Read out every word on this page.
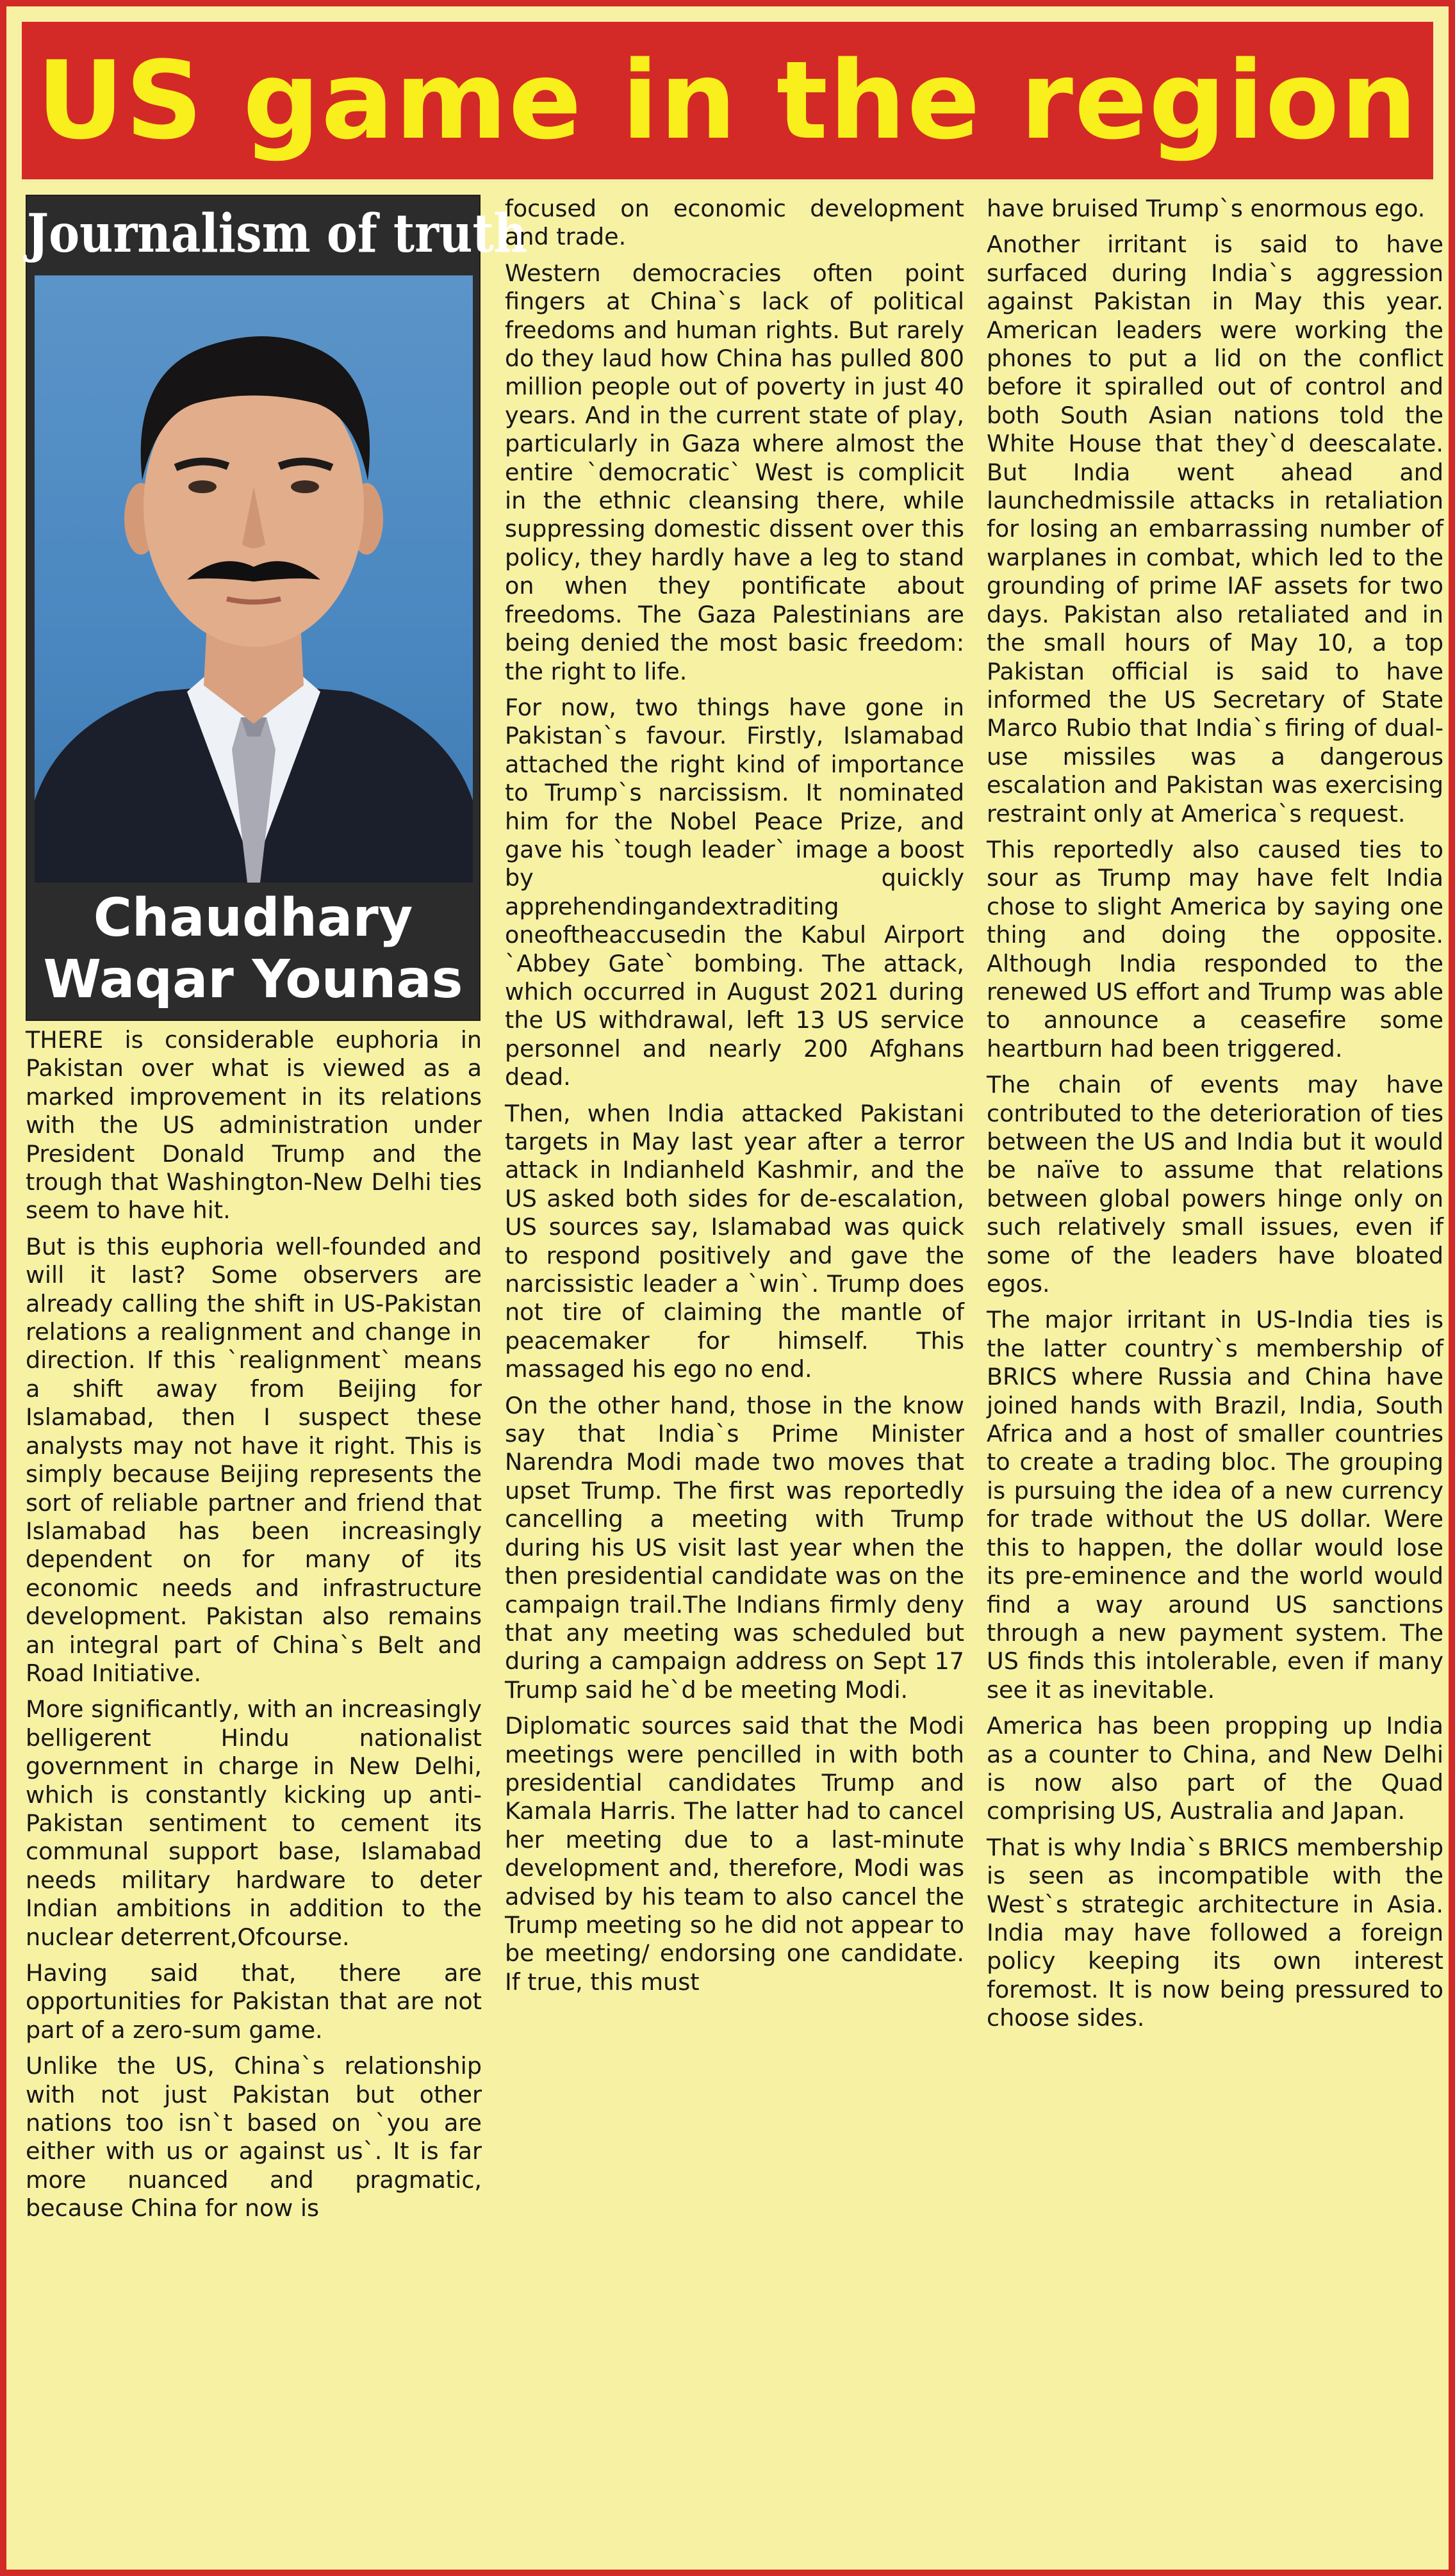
US game in the region
Journalism of truth
Chaudhary
Waqar Younas

THERE is considerable euphoria in Pakistan over what is viewed as a marked improvement in its relations with the US administration under President Donald Trump and the trough that Washington-New Delhi ties seem to have hit.

But is this euphoria well-founded and will it last? Some observers are already calling the shift in US-Pakistan relations a realignment and change in direction. If this `realignment` means a shift away from Beijing for Islamabad, then I suspect these analysts may not have it right. This is simply because Beijing represents the sort of reliable partner and friend that Islamabad has been increasingly dependent on for many of its economic needs and infrastructure development. Pakistan also remains an integral part of China`s Belt and Road Initiative.

More significantly, with an increasingly belligerent Hindu nationalist government in charge in New Delhi, which is constantly kicking up anti-Pakistan sentiment to cement its communal support base, Islamabad needs military hardware to deter Indian ambitions in addition to the nuclear deterrent,Ofcourse.

Having said that, there are opportunities for Pakistan that are not part of a zero-sum game.

Unlike the US, China`s relationship with not just Pakistan but other nations too isn`t based on `you are either with us or against us`. It is far more nuanced and pragmatic, because China for now is

focused on economic development and trade.

Western democracies often point fingers at China`s lack of political freedoms and human rights. But rarely do they laud how China has pulled 800 million people out of poverty in just 40 years. And in the current state of play, particularly in Gaza where almost the entire `democratic` West is complicit in the ethnic cleansing there, while suppressing domestic dissent over this policy, they hardly have a leg to stand on when they pontificate about freedoms. The Gaza Palestinians are being denied the most basic freedom: the right to life.

For now, two things have gone in Pakistan`s favour. Firstly, Islamabad attached the right kind of importance to Trump`s narcissism. It nominated him for the Nobel Peace Prize, and gave his `tough leader` image a boost by quickly apprehendingandextraditing oneoftheaccusedin the Kabul Airport `Abbey Gate` bombing. The attack, which occurred in August 2021 during the US withdrawal, left 13 US service personnel and nearly 200 Afghans dead.

Then, when India attacked Pakistani targets in May last year after a terror attack in Indianheld Kashmir, and the US asked both sides for de-escalation, US sources say, Islamabad was quick to respond positively and gave the narcissistic leader a `win`. Trump does not tire of claiming the mantle of peacemaker for himself. This massaged his ego no end.

On the other hand, those in the know say that India`s Prime Minister Narendra Modi made two moves that upset Trump. The first was reportedly cancelling a meeting with Trump during his US visit last year when the then presidential candidate was on the campaign trail.The Indians firmly deny that any meeting was scheduled but during a campaign address on Sept 17 Trump said he`d be meeting Modi.

Diplomatic sources said that the Modi meetings were pencilled in with both presidential candidates Trump and Kamala Harris. The latter had to cancel her meeting due to a last-minute development and, therefore, Modi was advised by his team to also cancel the Trump meeting so he did not appear to be meeting/ endorsing one candidate. If true, this must

have bruised Trump`s enormous ego.

Another irritant is said to have surfaced during India`s aggression against Pakistan in May this year. American leaders were working the phones to put a lid on the conflict before it spiralled out of control and both South Asian nations told the White House that they`d deescalate. But India went ahead and launchedmissile attacks in retaliation for losing an embarrassing number of warplanes in combat, which led to the grounding of prime IAF assets for two days. Pakistan also retaliated and in the small hours of May 10, a top Pakistan official is said to have informed the US Secretary of State Marco Rubio that India`s firing of dual-use missiles was a dangerous escalation and Pakistan was exercising restraint only at America`s request.

This reportedly also caused ties to sour as Trump may have felt India chose to slight America by saying one thing and doing the opposite. Although India responded to the renewed US effort and Trump was able to announce a ceasefire some heartburn had been triggered.

The chain of events may have contributed to the deterioration of ties between the US and India but it would be naïve to assume that relations between global powers hinge only on such relatively small issues, even if some of the leaders have bloated egos.

The major irritant in US-India ties is the latter country`s membership of BRICS where Russia and China have joined hands with Brazil, India, South Africa and a host of smaller countries to create a trading bloc. The grouping is pursuing the idea of a new currency for trade without the US dollar. Were this to happen, the dollar would lose its pre-eminence and the world would find a way around US sanctions through a new payment system. The US finds this intolerable, even if many see it as inevitable.

America has been propping up India as a counter to China, and New Delhi is now also part of the Quad comprising US, Australia and Japan.

That is why India`s BRICS membership is seen as incompatible with the West`s strategic architecture in Asia. India may have followed a foreign policy keeping its own interest foremost. It is now being pressured to choose sides.
